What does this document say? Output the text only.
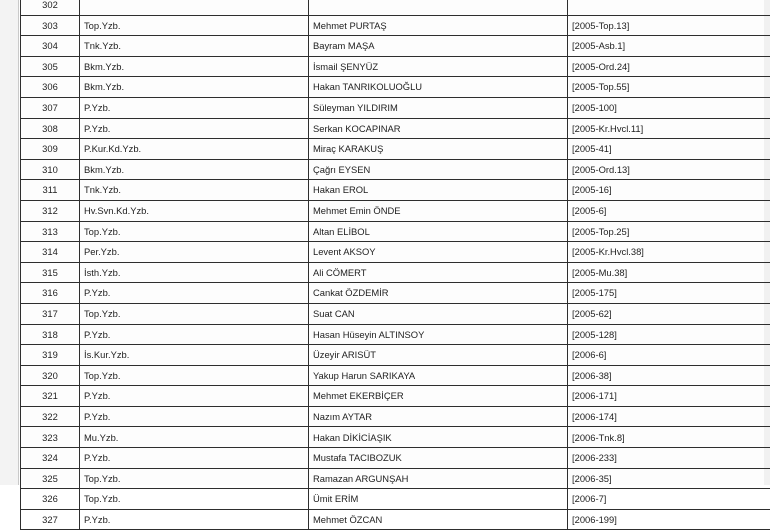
302			
303	Top.Yzb.	Mehmet PURTAŞ	[2005-Top.13]
304	Tnk.Yzb.	Bayram MAŞA	[2005-Asb.1]
305	Bkm.Yzb.	İsmail ŞENYÜZ	[2005-Ord.24]
306	Bkm.Yzb.	Hakan TANRIKOLUOĞLU	[2005-Top.55]
307	P.Yzb.	Süleyman YILDIRIM	[2005-100]
308	P.Yzb.	Serkan KOCAPINAR	[2005-Kr.Hvcl.11]
309	P.Kur.Kd.Yzb.	Miraç KARAKUŞ	[2005-41]
310	Bkm.Yzb.	Çağrı EYSEN	[2005-Ord.13]
311	Tnk.Yzb.	Hakan EROL	[2005-16]
312	Hv.Svn.Kd.Yzb.	Mehmet Emin ÖNDE	[2005-6]
313	Top.Yzb.	Altan ELİBOL	[2005-Top.25]
314	Per.Yzb.	Levent AKSOY	[2005-Kr.Hvcl.38]
315	İsth.Yzb.	Ali CÖMERT	[2005-Mu.38]
316	P.Yzb.	Cankat ÖZDEMİR	[2005-175]
317	Top.Yzb.	Suat CAN	[2005-62]
318	P.Yzb.	Hasan Hüseyin ALTINSOY	[2005-128]
319	İs.Kur.Yzb.	Üzeyir ARISÜT	[2006-6]
320	Top.Yzb.	Yakup Harun SARIKAYA	[2006-38]
321	P.Yzb.	Mehmet EKERBİÇER	[2006-171]
322	P.Yzb.	Nazım AYTAR	[2006-174]
323	Mu.Yzb.	Hakan DİKİCİAŞIK	[2006-Tnk.8]
324	P.Yzb.	Mustafa TACIBOZUK	[2006-233]
325	Top.Yzb.	Ramazan ARGUNŞAH	[2006-35]
326	Top.Yzb.	Ümit ERİM	[2006-7]
327	P.Yzb.	Mehmet ÖZCAN	[2006-199]
